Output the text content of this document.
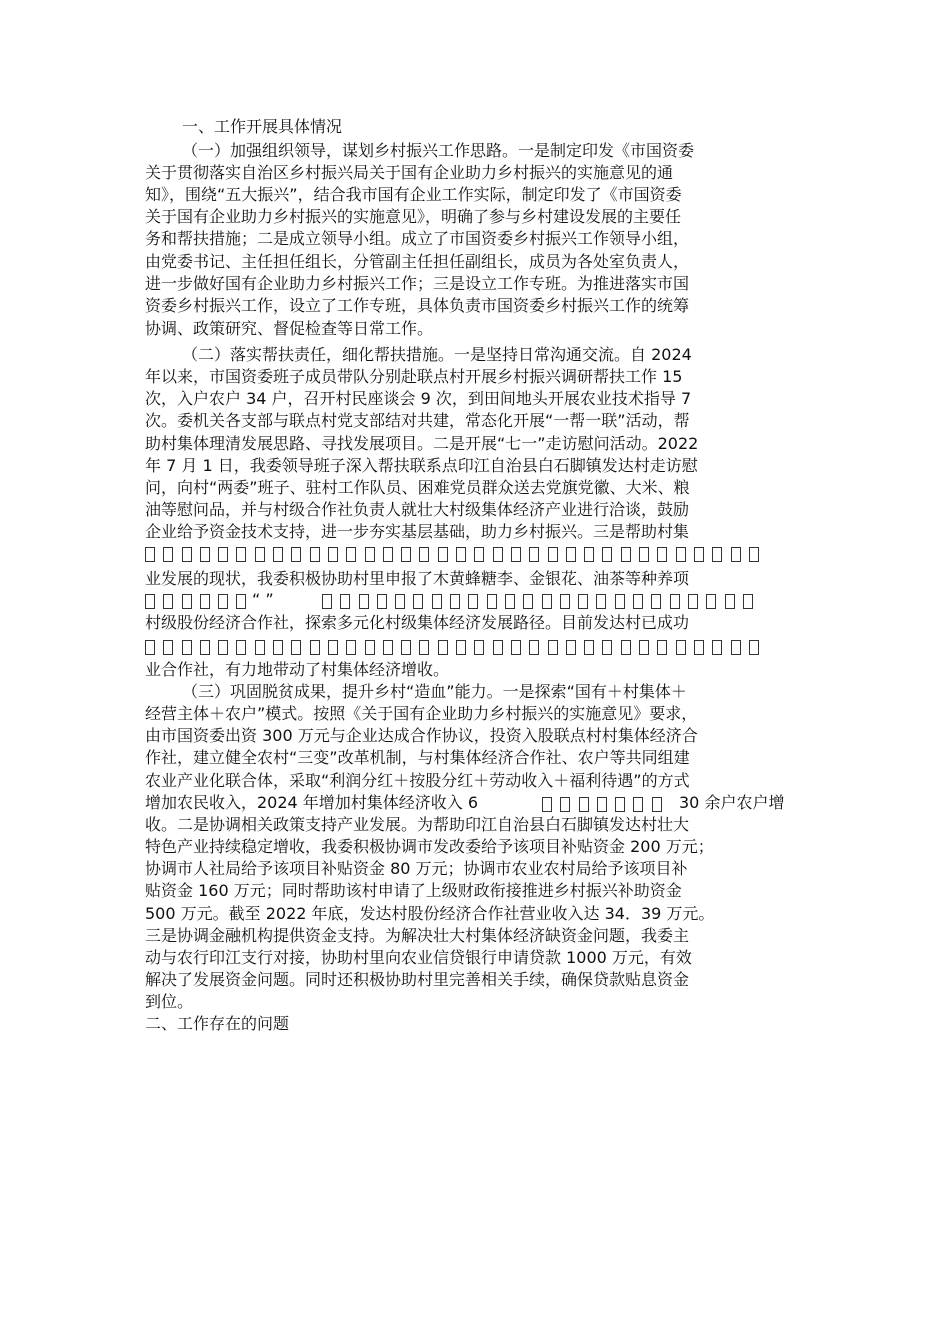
一、工作开展具体情况
（一）加强组织领导，谋划乡村振兴工作思路。一是制定印发《市国资委
关于贯彻落实自治区乡村振兴局关于国有企业助力乡村振兴的实施意见的通
知》，围绕“五大振兴”，结合我市国有企业工作实际，制定印发了《市国资委
关于国有企业助力乡村振兴的实施意见》，明确了参与乡村建设发展的主要任
务和帮扶措施；二是成立领导小组。成立了市国资委乡村振兴工作领导小组，
由党委书记、主任担任组长，分管副主任担任副组长，成员为各处室负责人，
进一步做好国有企业助力乡村振兴工作；三是设立工作专班。为推进落实市国
资委乡村振兴工作，设立了工作专班，具体负责市国资委乡村振兴工作的统筹
协调、政策研究、督促检查等日常工作。
（二）落实帮扶责任，细化帮扶措施。一是坚持日常沟通交流。自 2024
年以来，市国资委班子成员带队分别赴联点村开展乡村振兴调研帮扶工作 15
次，入户农户 34 户，召开村民座谈会 9 次，到田间地头开展农业技术指导 7
次。委机关各支部与联点村党支部结对共建，常态化开展“一帮一联”活动，帮
助村集体理清发展思路、寻找发展项目。二是开展“七一”走访慰问活动。2022
年 7 月 1 日，我委领导班子深入帮扶联系点印江自治县白石脚镇发达村走访慰
问，向村“两委”班子、驻村工作队员、困难党员群众送去党旗党徽、大米、粮
油等慰问品，并与村级合作社负责人就壮大村级集体经济产业进行洽谈，鼓励
企业给予资金技术支持，进一步夯实基层基础，助力乡村振兴。三是帮助村集
业发展的现状，我委积极协助村里申报了木黄蜂糖李、金银花、油茶等种养项
“ ”
村级股份经济合作社，探索多元化村级集体经济发展路径。目前发达村已成功
业合作社，有力地带动了村集体经济增收。
（三）巩固脱贫成果，提升乡村“造血”能力。一是探索“国有＋村集体＋
经营主体＋农户”模式。按照《关于国有企业助力乡村振兴的实施意见》要求，
由市国资委出资 300 万元与企业达成合作协议，投资入股联点村村集体经济合
作社，建立健全农村“三变”改革机制，与村集体经济合作社、农户等共同组建
农业产业化联合体，采取“利润分红＋按股分红＋劳动收入＋福利待遇”的方式
增加农民收入，2024 年增加村集体经济收入 6	30 余户农户增
收。二是协调相关政策支持产业发展。为帮助印江自治县白石脚镇发达村壮大
特色产业持续稳定增收，我委积极协调市发改委给予该项目补贴资金 200 万元；
协调市人社局给予该项目补贴资金 80 万元；协调市农业农村局给予该项目补
贴资金 160 万元；同时帮助该村申请了上级财政衔接推进乡村振兴补助资金
500 万元。截至 2022 年底，发达村股份经济合作社营业收入达 34．39 万元。
三是协调金融机构提供资金支持。为解决壮大村集体经济缺资金问题，我委主
动与农行印江支行对接，协助村里向农业信贷银行申请贷款 1000 万元，有效
解决了发展资金问题。同时还积极协助村里完善相关手续，确保贷款贴息资金
到位。
二、工作存在的问题
